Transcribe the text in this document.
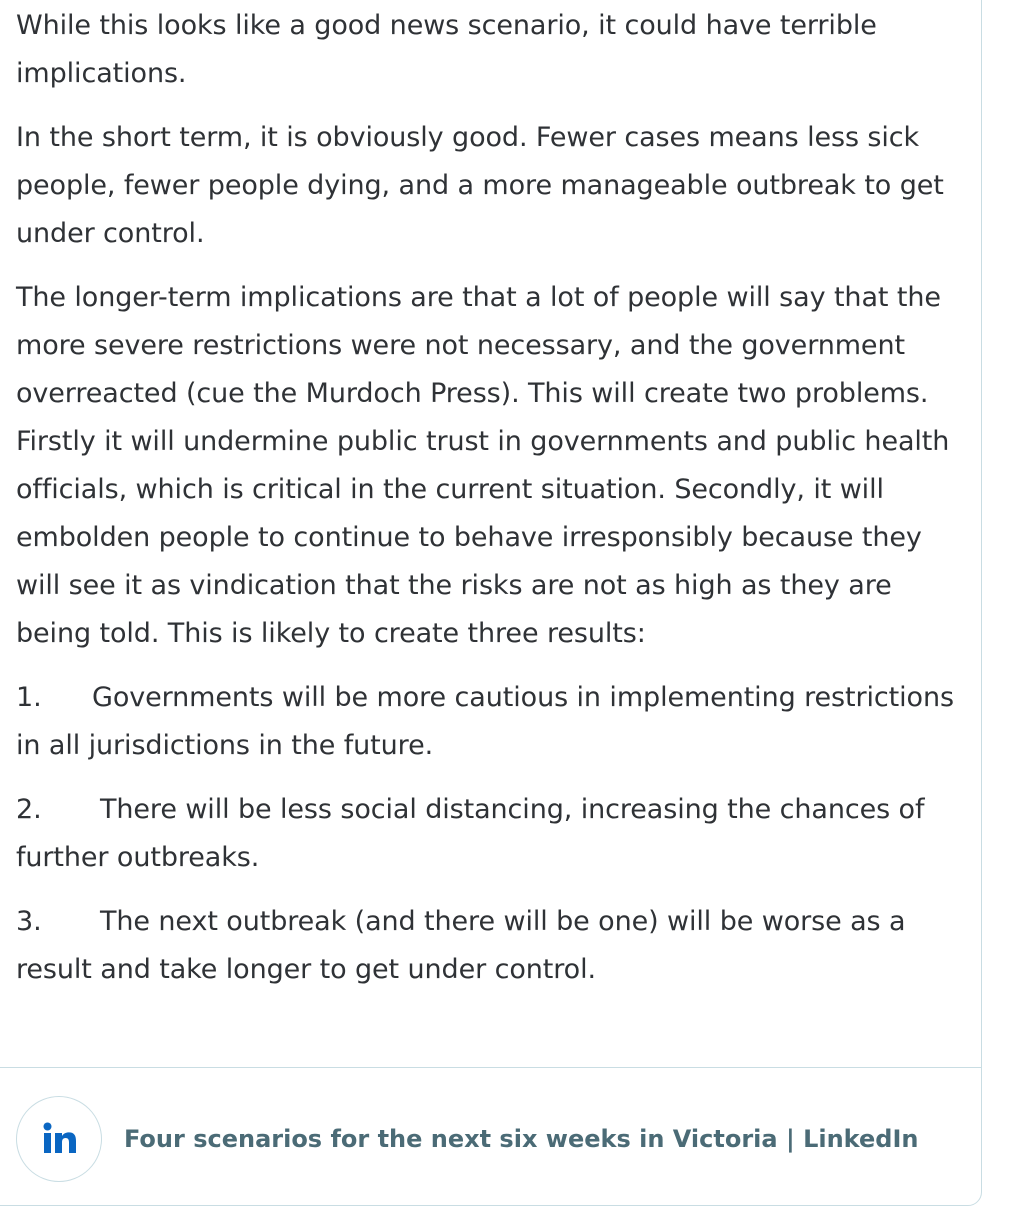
While this looks like a good news scenario, it could have terrible implications.

In the short term, it is obviously good. Fewer cases means less sick people, fewer people dying, and a more manageable outbreak to get under control.

The longer-term implications are that a lot of people will say that the more severe restrictions were not necessary, and the government overreacted (cue the Murdoch Press). This will create two problems. Firstly it will undermine public trust in governments and public health officials, which is critical in the current situation. Secondly, it will embolden people to continue to behave irresponsibly because they will see it as vindication that the risks are not as high as they are being told. This is likely to create three results:

1. Governments will be more cautious in implementing restrictions in all jurisdictions in the future.

2. There will be less social distancing, increasing the chances of further outbreaks.

3. The next outbreak (and there will be one) will be worse as a result and take longer to get under control.

Four scenarios for the next six weeks in Victoria | LinkedIn
